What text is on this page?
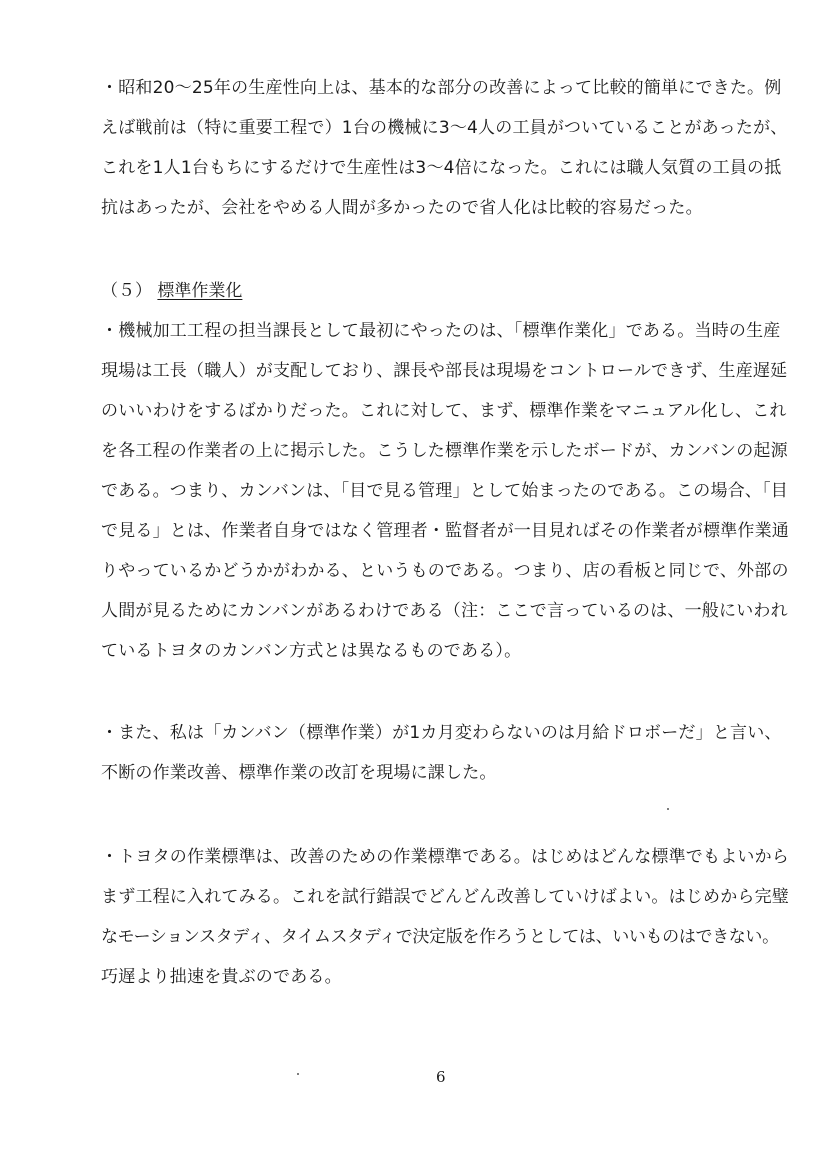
・昭和20～25年の生産性向上は、基本的な部分の改善によって比較的簡単にできた。例
えば戦前は（特に重要工程で）1台の機械に3～4人の工員がついていることがあったが、
これを1人1台もちにするだけで生産性は3～4倍になった。これには職人気質の工員の抵
抗はあったが、会社をやめる人間が多かったので省人化は比較的容易だった。
（５） 標準作業化
・機械加工工程の担当課長として最初にやったのは、「標準作業化」である。当時の生産
現場は工長（職人）が支配しており、課長や部長は現場をコントロールできず、生産遅延
のいいわけをするばかりだった。これに対して、まず、標準作業をマニュアル化し、これ
を各工程の作業者の上に掲示した。こうした標準作業を示したボードが、カンバンの起源
である。つまり、カンバンは、「目で見る管理」として始まったのである。この場合、「目
で見る」とは、作業者自身ではなく管理者・監督者が一目見ればその作業者が標準作業通
りやっているかどうかがわかる、というものである。つまり、店の看板と同じで、外部の
人間が見るためにカンバンがあるわけである（注：ここで言っているのは、一般にいわれ
ているトヨタのカンバン方式とは異なるものである）。
・また、私は「カンバン（標準作業）が1カ月変わらないのは月給ドロボーだ」と言い、
不断の作業改善、標準作業の改訂を現場に課した。
・トヨタの作業標準は、改善のための作業標準である。はじめはどんな標準でもよいから
まず工程に入れてみる。これを試行錯誤でどんどん改善していけばよい。はじめから完璧
なモーションスタディ、タイムスタディで決定版を作ろうとしては、いいものはできない。
巧遅より拙速を貴ぶのである。
6
